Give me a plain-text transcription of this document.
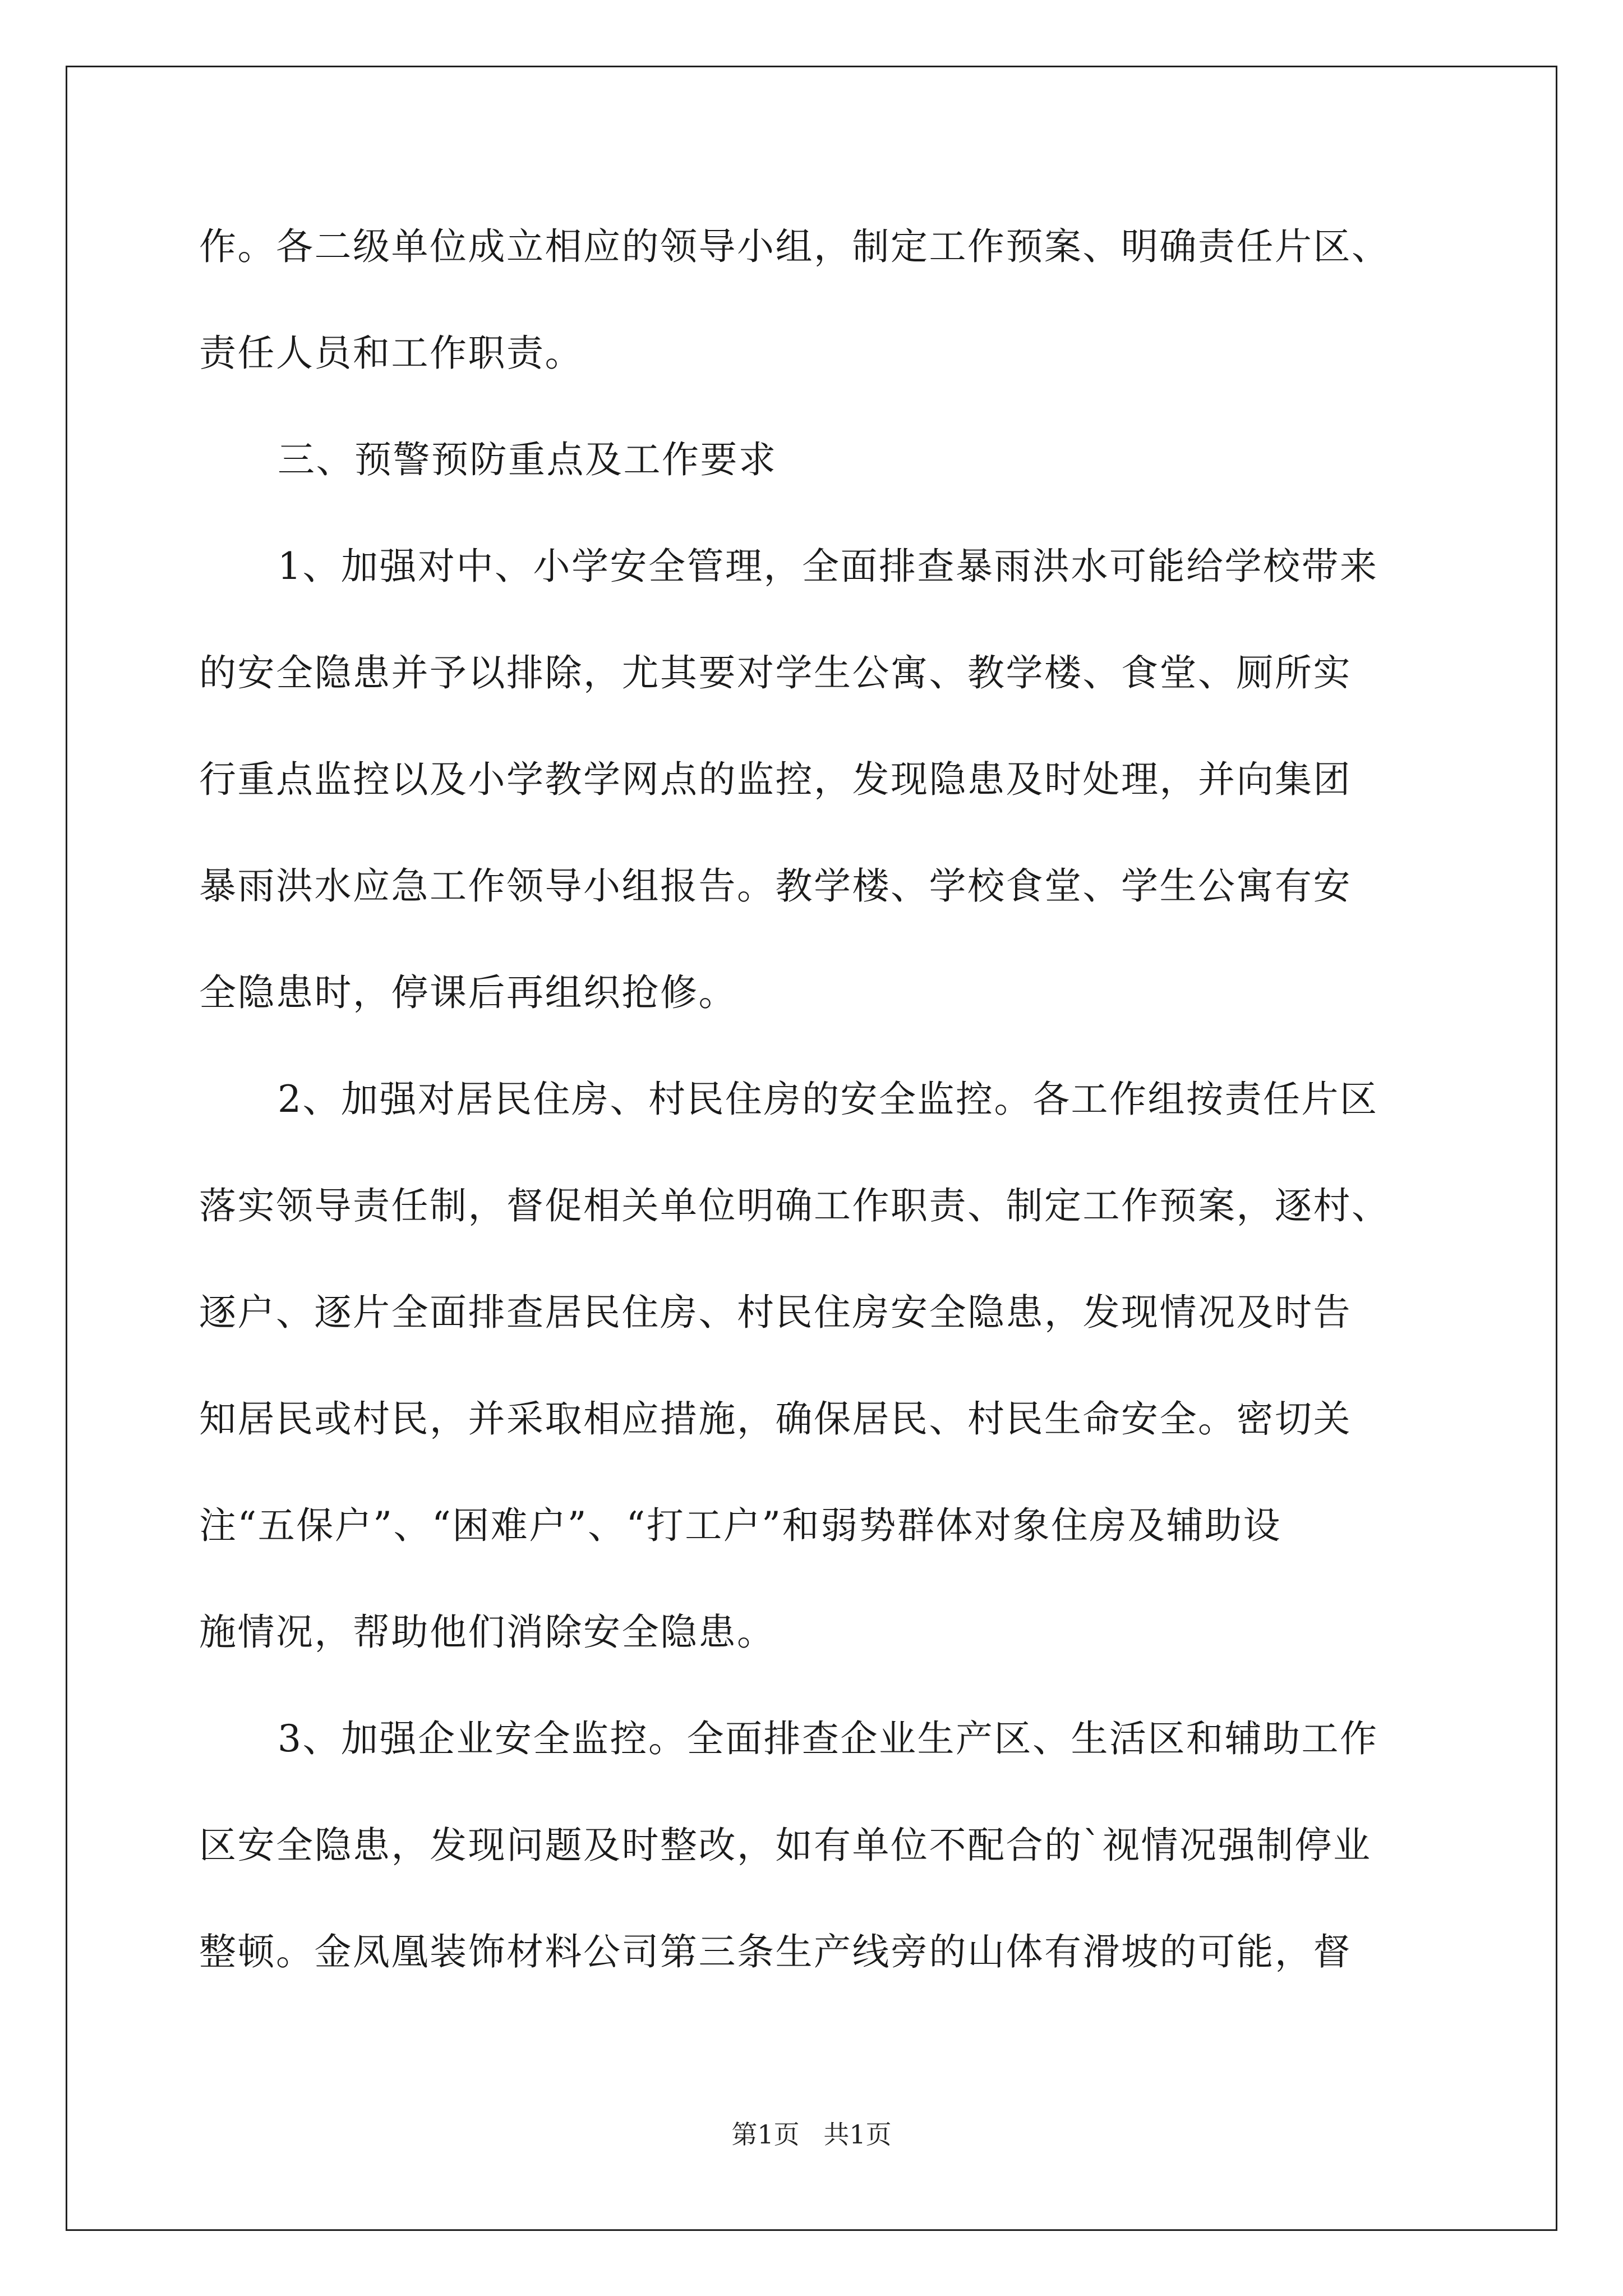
作。各二级单位成立相应的领导小组，制定工作预案、明确责任片区、
责任人员和工作职责。
三、预警预防重点及工作要求
1、加强对中、小学安全管理，全面排查暴雨洪水可能给学校带来
的安全隐患并予以排除，尤其要对学生公寓、教学楼、食堂、厕所实
行重点监控以及小学教学网点的监控，发现隐患及时处理，并向集团
暴雨洪水应急工作领导小组报告。教学楼、学校食堂、学生公寓有安
全隐患时，停课后再组织抢修。
2、加强对居民住房、村民住房的安全监控。各工作组按责任片区
落实领导责任制，督促相关单位明确工作职责、制定工作预案，逐村、
逐户、逐片全面排查居民住房、村民住房安全隐患，发现情况及时告
知居民或村民，并采取相应措施，确保居民、村民生命安全。密切关
注“五保户”、“困难户”、“打工户”和弱势群体对象住房及辅助设
施情况，帮助他们消除安全隐患。
3、加强企业安全监控。全面排查企业生产区、生活区和辅助工作
区安全隐患，发现问题及时整改，如有单位不配合的`视情况强制停业
整顿。金凤凰装饰材料公司第三条生产线旁的山体有滑坡的可能，督
第1页 共1页
